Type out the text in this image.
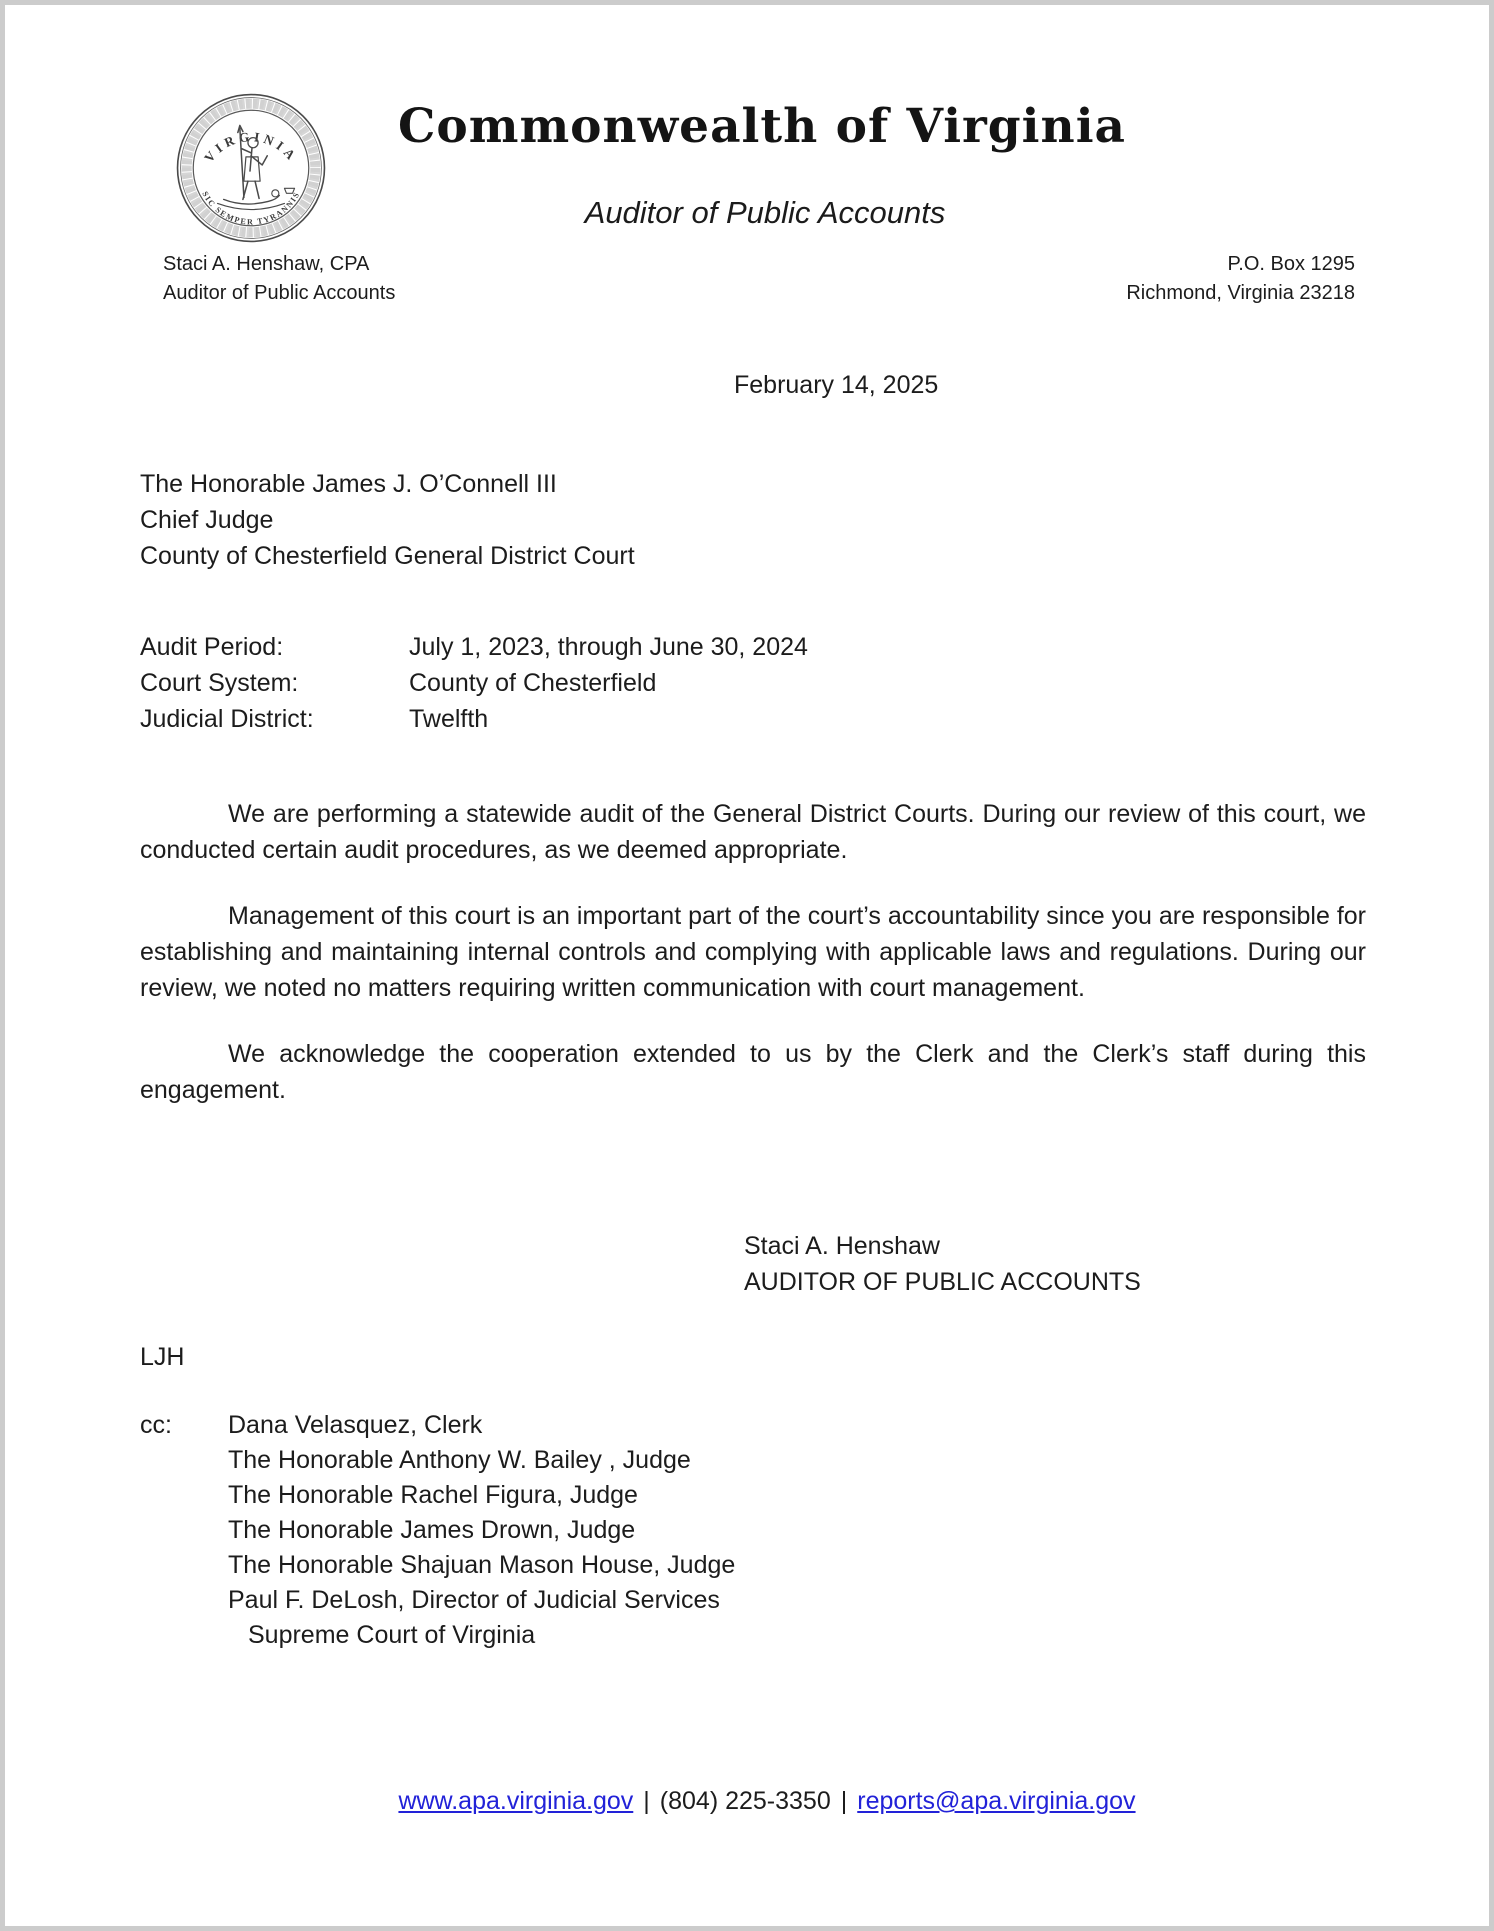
VIRGINIA
SIC SEMPER TYRANNIS
Commonwealth of Virginia
Auditor of Public Accounts
Staci A. Henshaw, CPA
Auditor of Public Accounts
P.O. Box 1295
Richmond, Virginia 23218
February 14, 2025
The Honorable James J. O’Connell III
Chief Judge
County of Chesterfield General District Court
Audit Period:	July 1, 2023, through June 30, 2024
Court System:	County of Chesterfield
Judicial District:	Twelfth
We are performing a statewide audit of the General District Courts. During our review of this court, we conducted certain audit procedures, as we deemed appropriate.
Management of this court is an important part of the court’s accountability since you are responsible for establishing and maintaining internal controls and complying with applicable laws and regulations. During our review, we noted no matters requiring written communication with court management.
We acknowledge the cooperation extended to us by the Clerk and the Clerk’s staff during this engagement.
Staci A. Henshaw
AUDITOR OF PUBLIC ACCOUNTS
LJH
cc:	Dana Velasquez, Clerk
The Honorable Anthony W. Bailey , Judge
The Honorable Rachel Figura, Judge
The Honorable James Drown, Judge
The Honorable Shajuan Mason House, Judge
Paul F. DeLosh, Director of Judicial Services
Supreme Court of Virginia
www.apa.virginia.gov | (804) 225-3350 | reports@apa.virginia.gov
